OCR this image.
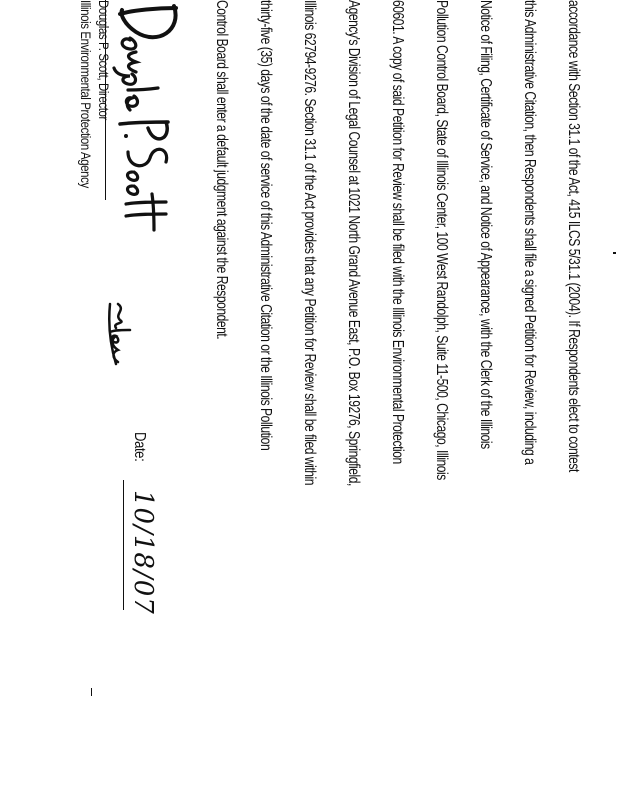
accordance with Section 31.1 of the Act, 415 ILCS 5/31.1 (2004). If Respondents elect to contest
this Administrative Citation, then Respondents shall file a signed Petition for Review, including a
Notice of Filing, Certificate of Service, and Notice of Appearance, with the Clerk of the Illinois
Pollution Control Board, State of Illinois Center, 100 West Randolph, Suite 11-500, Chicago, Illinois
60601. A copy of said Petition for Review shall be filed with the Illinois Environmental Protection
Agency's Division of Legal Counsel at 1021 North Grand Avenue East, P.O. Box 19276, Springfield,
Illinois 62794-9276. Section 31.1 of the Act provides that any Petition for Review shall be filed within
thirty-five (35) days of the date of service of this Administrative Citation or the Illinois Pollution
Control Board shall enter a default judgment against the Respondent.
Douglas P. Scott, Director
Illinois Environmental Protection Agency
Date:
10/18/07
